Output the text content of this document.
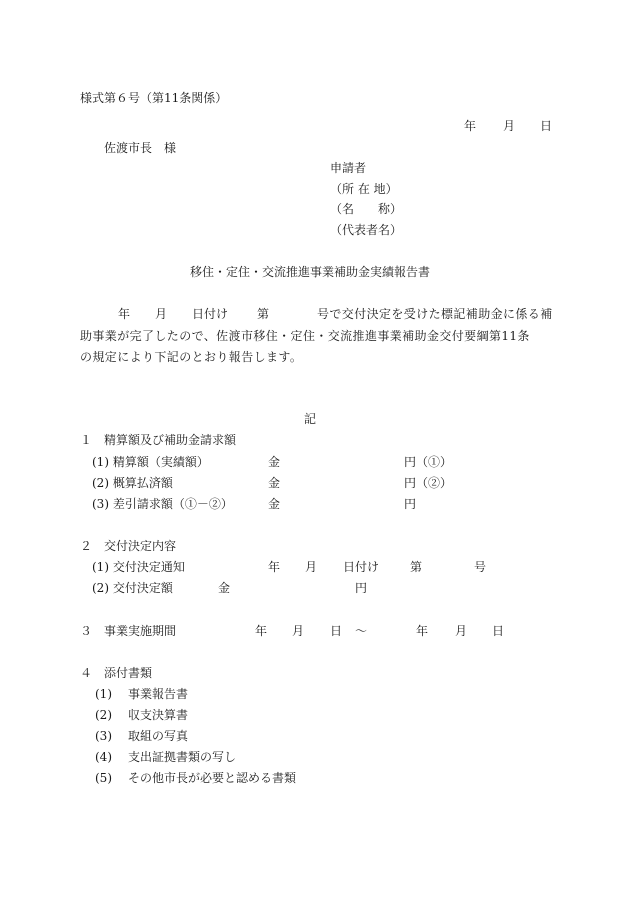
様式第６号（第11条関係）
年 月 日
佐渡市長　様
申請者
（所 在 地）
（名　　称）
（代表者名）
移住・定住・交流推進事業補助金実績報告書
年 月 日付け 第	号で交付決定を受けた標記補助金に係る補
助事業が完了したので、佐渡市移住・定住・交流推進事業補助金交付要綱第11条
の規定により下記のとおり報告します。
記
１　精算額及び補助金請求額
(1) 精算額（実績額）	金	円（①）
(2) 概算払済額	金	円（②）
(3) 差引請求額（①－②）	金	円
２　交付決定内容
(1) 交付決定通知	年 月 日付け	第	号
(2) 交付決定額	金	円
３　事業実施期間	年 月 日 ～	年 月 日
４　添付書類
(1) 事業報告書
(2) 収支決算書
(3) 取組の写真
(4) 支出証拠書類の写し
(5) その他市長が必要と認める書類
